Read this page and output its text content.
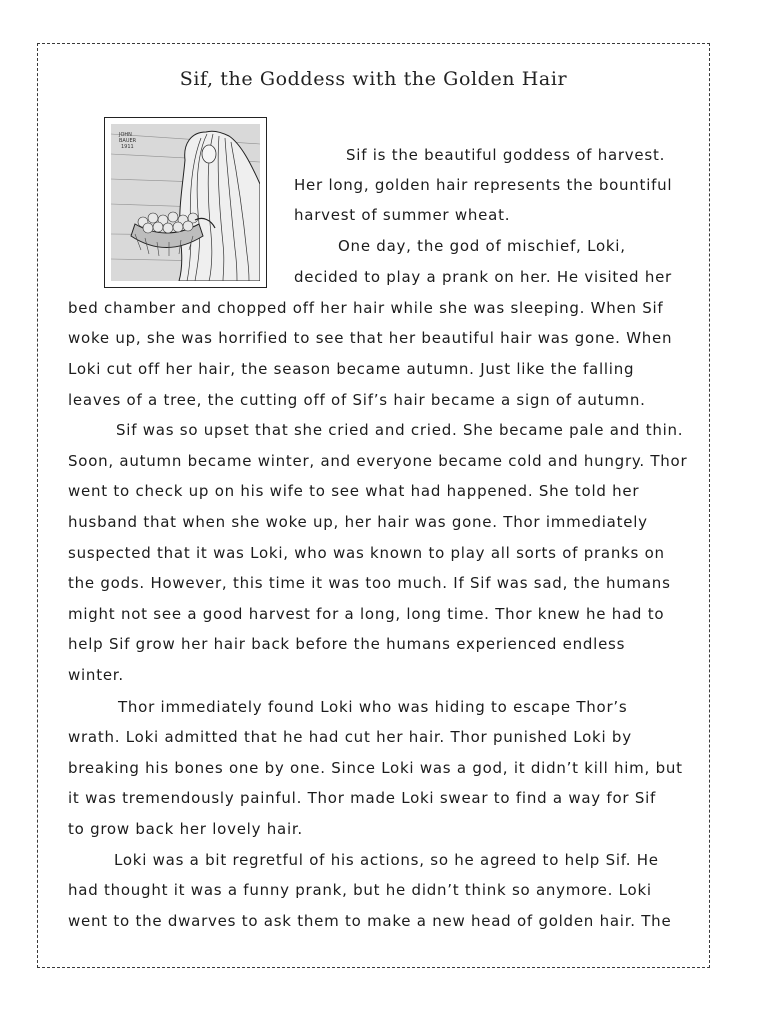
Sif, the Goddess with the Golden Hair
JOHN
BAUER
1911	Sif is the beautiful goddess of harvest.
Her long, golden hair represents the bountiful
harvest of summer wheat.
One day, the god of mischief, Loki,
decided to play a prank on her. He visited her
bed chamber and chopped off her hair while she was sleeping. When Sif
woke up, she was horrified to see that her beautiful hair was gone. When
Loki cut off her hair, the season became autumn. Just like the falling
leaves of a tree, the cutting off of Sif’s hair became a sign of autumn.
Sif was so upset that she cried and cried. She became pale and thin.
Soon, autumn became winter, and everyone became cold and hungry. Thor
went to check up on his wife to see what had happened. She told her
husband that when she woke up, her hair was gone. Thor immediately
suspected that it was Loki, who was known to play all sorts of pranks on
the gods. However, this time it was too much. If Sif was sad, the humans
might not see a good harvest for a long, long time. Thor knew he had to
help Sif grow her hair back before the humans experienced endless
winter.
Thor immediately found Loki who was hiding to escape Thor’s
wrath. Loki admitted that he had cut her hair. Thor punished Loki by
breaking his bones one by one. Since Loki was a god, it didn’t kill him, but
it was tremendously painful. Thor made Loki swear to find a way for Sif
to grow back her lovely hair.
Loki was a bit regretful of his actions, so he agreed to help Sif. He
had thought it was a funny prank, but he didn’t think so anymore. Loki
went to the dwarves to ask them to make a new head of golden hair. The
